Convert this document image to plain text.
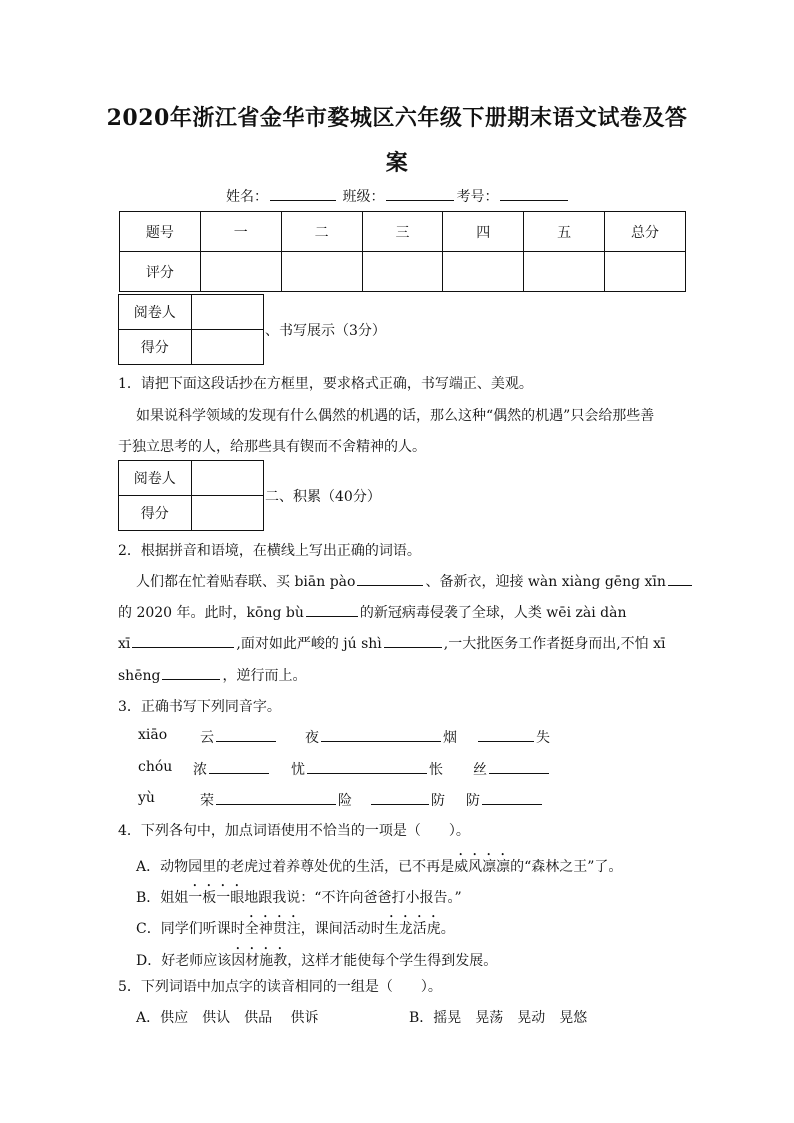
2020年浙江省金华市婺城区六年级下册期末语文试卷及答
案
姓名：	班级：	考号：
题号	一	二	三	四	五	总分
评分						
阅卷人	
得分	
、书写展示（3分）
1．请把下面这段话抄在方框里，要求格式正确，书写端正、美观。
如果说科学领域的发现有什么偶然的机遇的话，那么这种“偶然的机遇”只会给那些善
于独立思考的人，给那些具有锲而不舍精神的人。
阅卷人	
得分	
二、积累（40分）
2．根据拼音和语境，在横线上写出正确的词语。
人们都在忙着贴春联、买 biān pào	、备新衣，迎接 wàn xiàng gēng xīn
的 2020 年。此时，kōng bù	的新冠病毒侵袭了全球，人类 wēi zài dàn
xī	,面对如此严峻的 jú shì	,一大批医务工作者挺身而出,不怕 xī
shēng	，逆行而上。
3．正确书写下列同音字。
xiāo 云	夜	烟	失
chóu 浓	忧	怅 丝
yù	荣	险	防 防
4．下列各句中，加点词语使用不恰当的一项是（　　）。
A．动物园里的老虎过着养尊处优的生活，已不再是威风凛凛的“森林之王”了。
B．姐姐一板一眼地跟我说：“不许向爸爸打小报告。”
C．同学们听课时全神贯注，课间活动时生龙活虎。
D．好老师应该因材施教，这样才能使每个学生得到发展。
5．下列词语中加点字的读音相同的一组是（　　）。
A．供应　供认　供品　 供诉	B．摇晃　晃荡　晃动　晃悠
